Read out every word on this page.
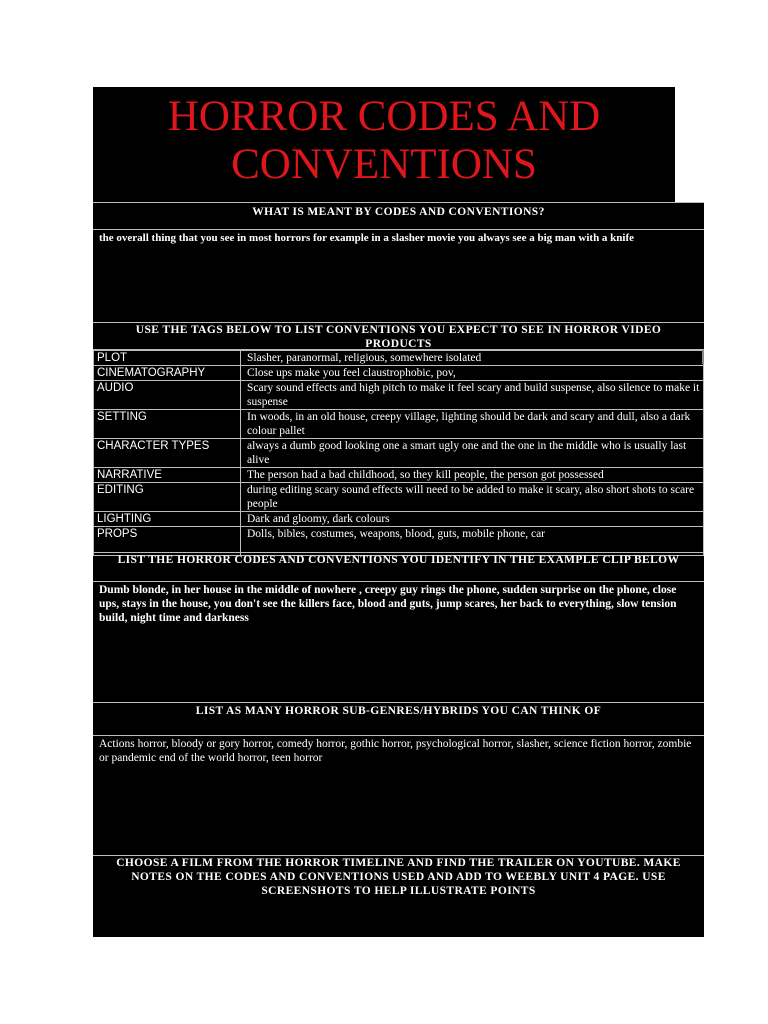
HORROR CODES AND
CONVENTIONS
WHAT IS MEANT BY CODES AND CONVENTIONS?
the overall thing that you see in most horrors for example in a slasher movie you always see a big man with a knife
USE THE TAGS BELOW TO LIST CONVENTIONS YOU EXPECT TO SEE IN HORROR VIDEO PRODUCTS
PLOT	Slasher, paranormal, religious, somewhere isolated
CINEMATOGRAPHY	Close ups make you feel claustrophobic, pov,
AUDIO	Scary sound effects and high pitch to make it feel scary and build suspense, also silence to make it suspense
SETTING	In woods, in an old house, creepy village, lighting should be dark and scary and dull, also a dark colour pallet
CHARACTER TYPES	always a dumb good looking one a smart ugly one and the one in the middle who is usually last alive
NARRATIVE	The person had a bad childhood, so they kill people, the person got possessed
EDITING	during editing scary sound effects will need to be added to make it scary, also short shots to scare people
LIGHTING	Dark and gloomy, dark colours
PROPS	Dolls, bibles, costumes, weapons, blood, guts, mobile phone, car
LIST THE HORROR CODES AND CONVENTIONS YOU IDENTIFY IN THE EXAMPLE CLIP BELOW
Dumb blonde, in her house in the middle of nowhere , creepy guy rings the phone, sudden surprise on the phone, close ups, stays in the house, you don't see the killers face, blood and guts, jump scares, her back to everything, slow tension build, night time and darkness
LIST AS MANY HORROR SUB-GENRES/HYBRIDS YOU CAN THINK OF
Actions horror, bloody or gory horror, comedy horror, gothic horror, psychological horror, slasher, science fiction horror, zombie or pandemic end of the world horror, teen horror
CHOOSE A FILM FROM THE HORROR TIMELINE AND FIND THE TRAILER ON YOUTUBE. MAKE NOTES ON THE CODES AND CONVENTIONS USED AND ADD TO WEEBLY UNIT 4 PAGE. USE SCREENSHOTS TO HELP ILLUSTRATE POINTS
